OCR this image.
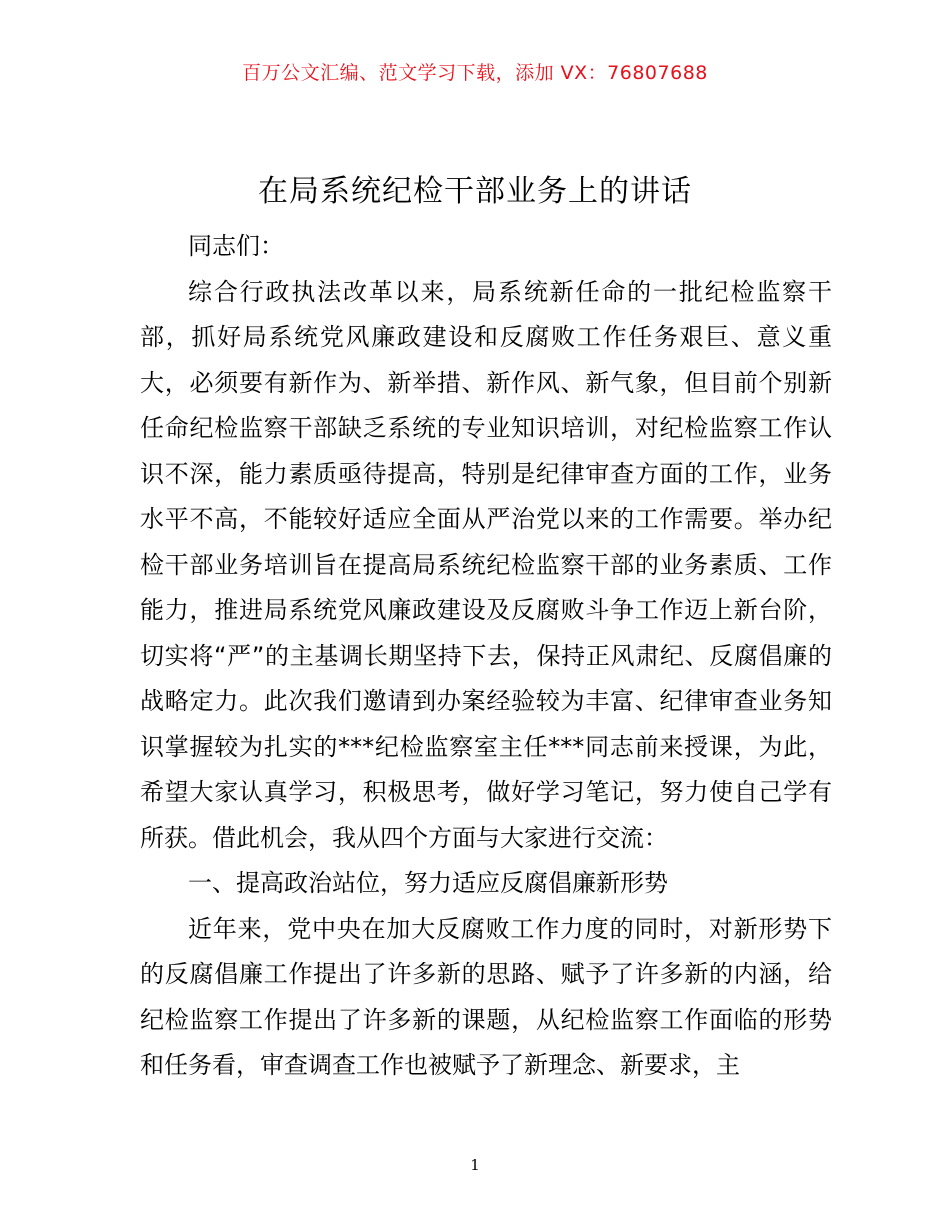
百万公文汇编、范文学习下载，添加 VX：76807688
在局系统纪检干部业务上的讲话

同志们：

综合行政执法改革以来，局系统新任命的一批纪检监察干部，抓好局系统党风廉政建设和反腐败工作任务艰巨、意义重大，必须要有新作为、新举措、新作风、新气象，但目前个别新任命纪检监察干部缺乏系统的专业知识培训，对纪检监察工作认识不深，能力素质亟待提高，特别是纪律审查方面的工作，业务水平不高，不能较好适应全面从严治党以来的工作需要。举办纪检干部业务培训旨在提高局系统纪检监察干部的业务素质、工作能力，推进局系统党风廉政建设及反腐败斗争工作迈上新台阶，切实将“严”的主基调长期坚持下去，保持正风肃纪、反腐倡廉的战略定力。此次我们邀请到办案经验较为丰富、纪律审查业务知识掌握较为扎实的***纪检监察室主任***同志前来授课，为此，希望大家认真学习，积极思考，做好学习笔记，努力使自己学有所获。借此机会，我从四个方面与大家进行交流：

一、提高政治站位，努力适应反腐倡廉新形势

近年来，党中央在加大反腐败工作力度的同时，对新形势下的反腐倡廉工作提出了许多新的思路、赋予了许多新的内涵，给纪检监察工作提出了许多新的课题，从纪检监察工作面临的形势和任务看，审查调查工作也被赋予了新理念、新要求，主

1
